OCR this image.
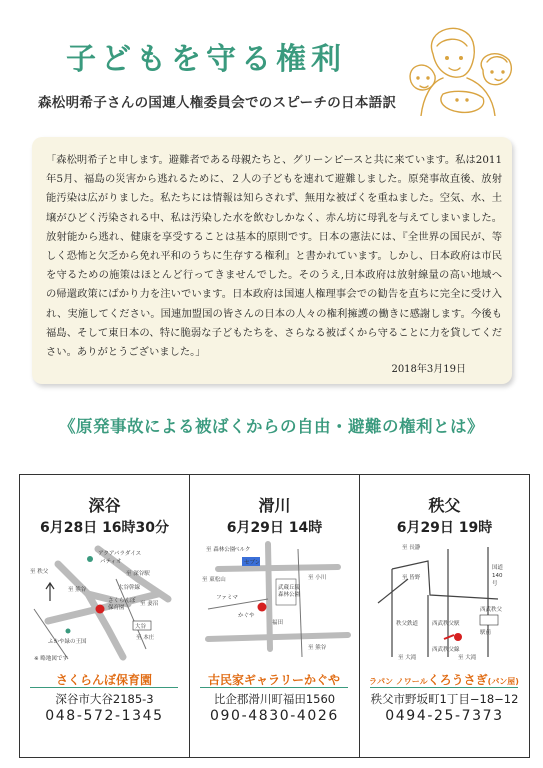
子どもを守る権利
森松明希子さんの国連人権委員会でのスピーチの日本語訳
「森松明希子と申します。避難者である母親たちと、グリーンピースと共に来ています。私は2011年5月、福島の災害から逃れるために、２人の子どもを連れて避難しました。原発事故直後、放射能汚染は広がりました。私たちには情報は知らされず、無用な被ばくを重ねました。空気、水、土壌がひどく汚染される中、私は汚染した水を飲むしかなく、赤ん坊に母乳を与えてしまいました。放射能から逃れ、健康を享受することは基本的原則です。日本の憲法には、『全世界の国民が、等しく恐怖と欠乏から免れ平和のうちに生存する権利』と書かれています。しかし、日本政府は市民を守るための施策はほとんど行ってきませんでした。そのうえ,日本政府は放射線量の高い地域への帰還政策にばかり力を注いでいます。日本政府は国連人権理事会での勧告を直ちに完全に受け入れ、実施してください。国連加盟国の皆さんの日本の人々の権利擁護の働きに感謝します。今後も福島、そして東日本の、特に脆弱な子どもたちを、さらなる被ばくから守ることに力を貸してください。ありがとうございました。」
2018年3月19日
《原発事故による被ばくからの自由・避難の権利とは》
深谷
6月28日 16時30分
アクアパラダイス
パティオ
至 深谷駅
さくらんぼ
保育園
ふかや緑の王国
至 妻沼
至 本庄
大谷
至 熊谷
至 秩父
※ 略地図です
大谷幹線
さくらんぼ保育園
深谷市大谷2185-3
048-572-1345
滑川
6月29日 14時
至 森林公園
ベルク
至 東松山	至 小川
セブン
武蔵丘陵
森林公園
福田
かぐや
至 熊谷
ファミマ
古民家ギャラリーかぐや
比企郡滑川町福田1560
090-4830-4026
秩父
6月29日 19時
至 長瀞
至 皆野
秩父鉄道	西武秩父駅
国道
140
号
西武秩父
駅前
西武秩父線
至 大滝	至 大滝
ラパン ノワールくろうさぎ(パン屋)
秩父市野坂町1丁目−18−12
0494-25-7373
